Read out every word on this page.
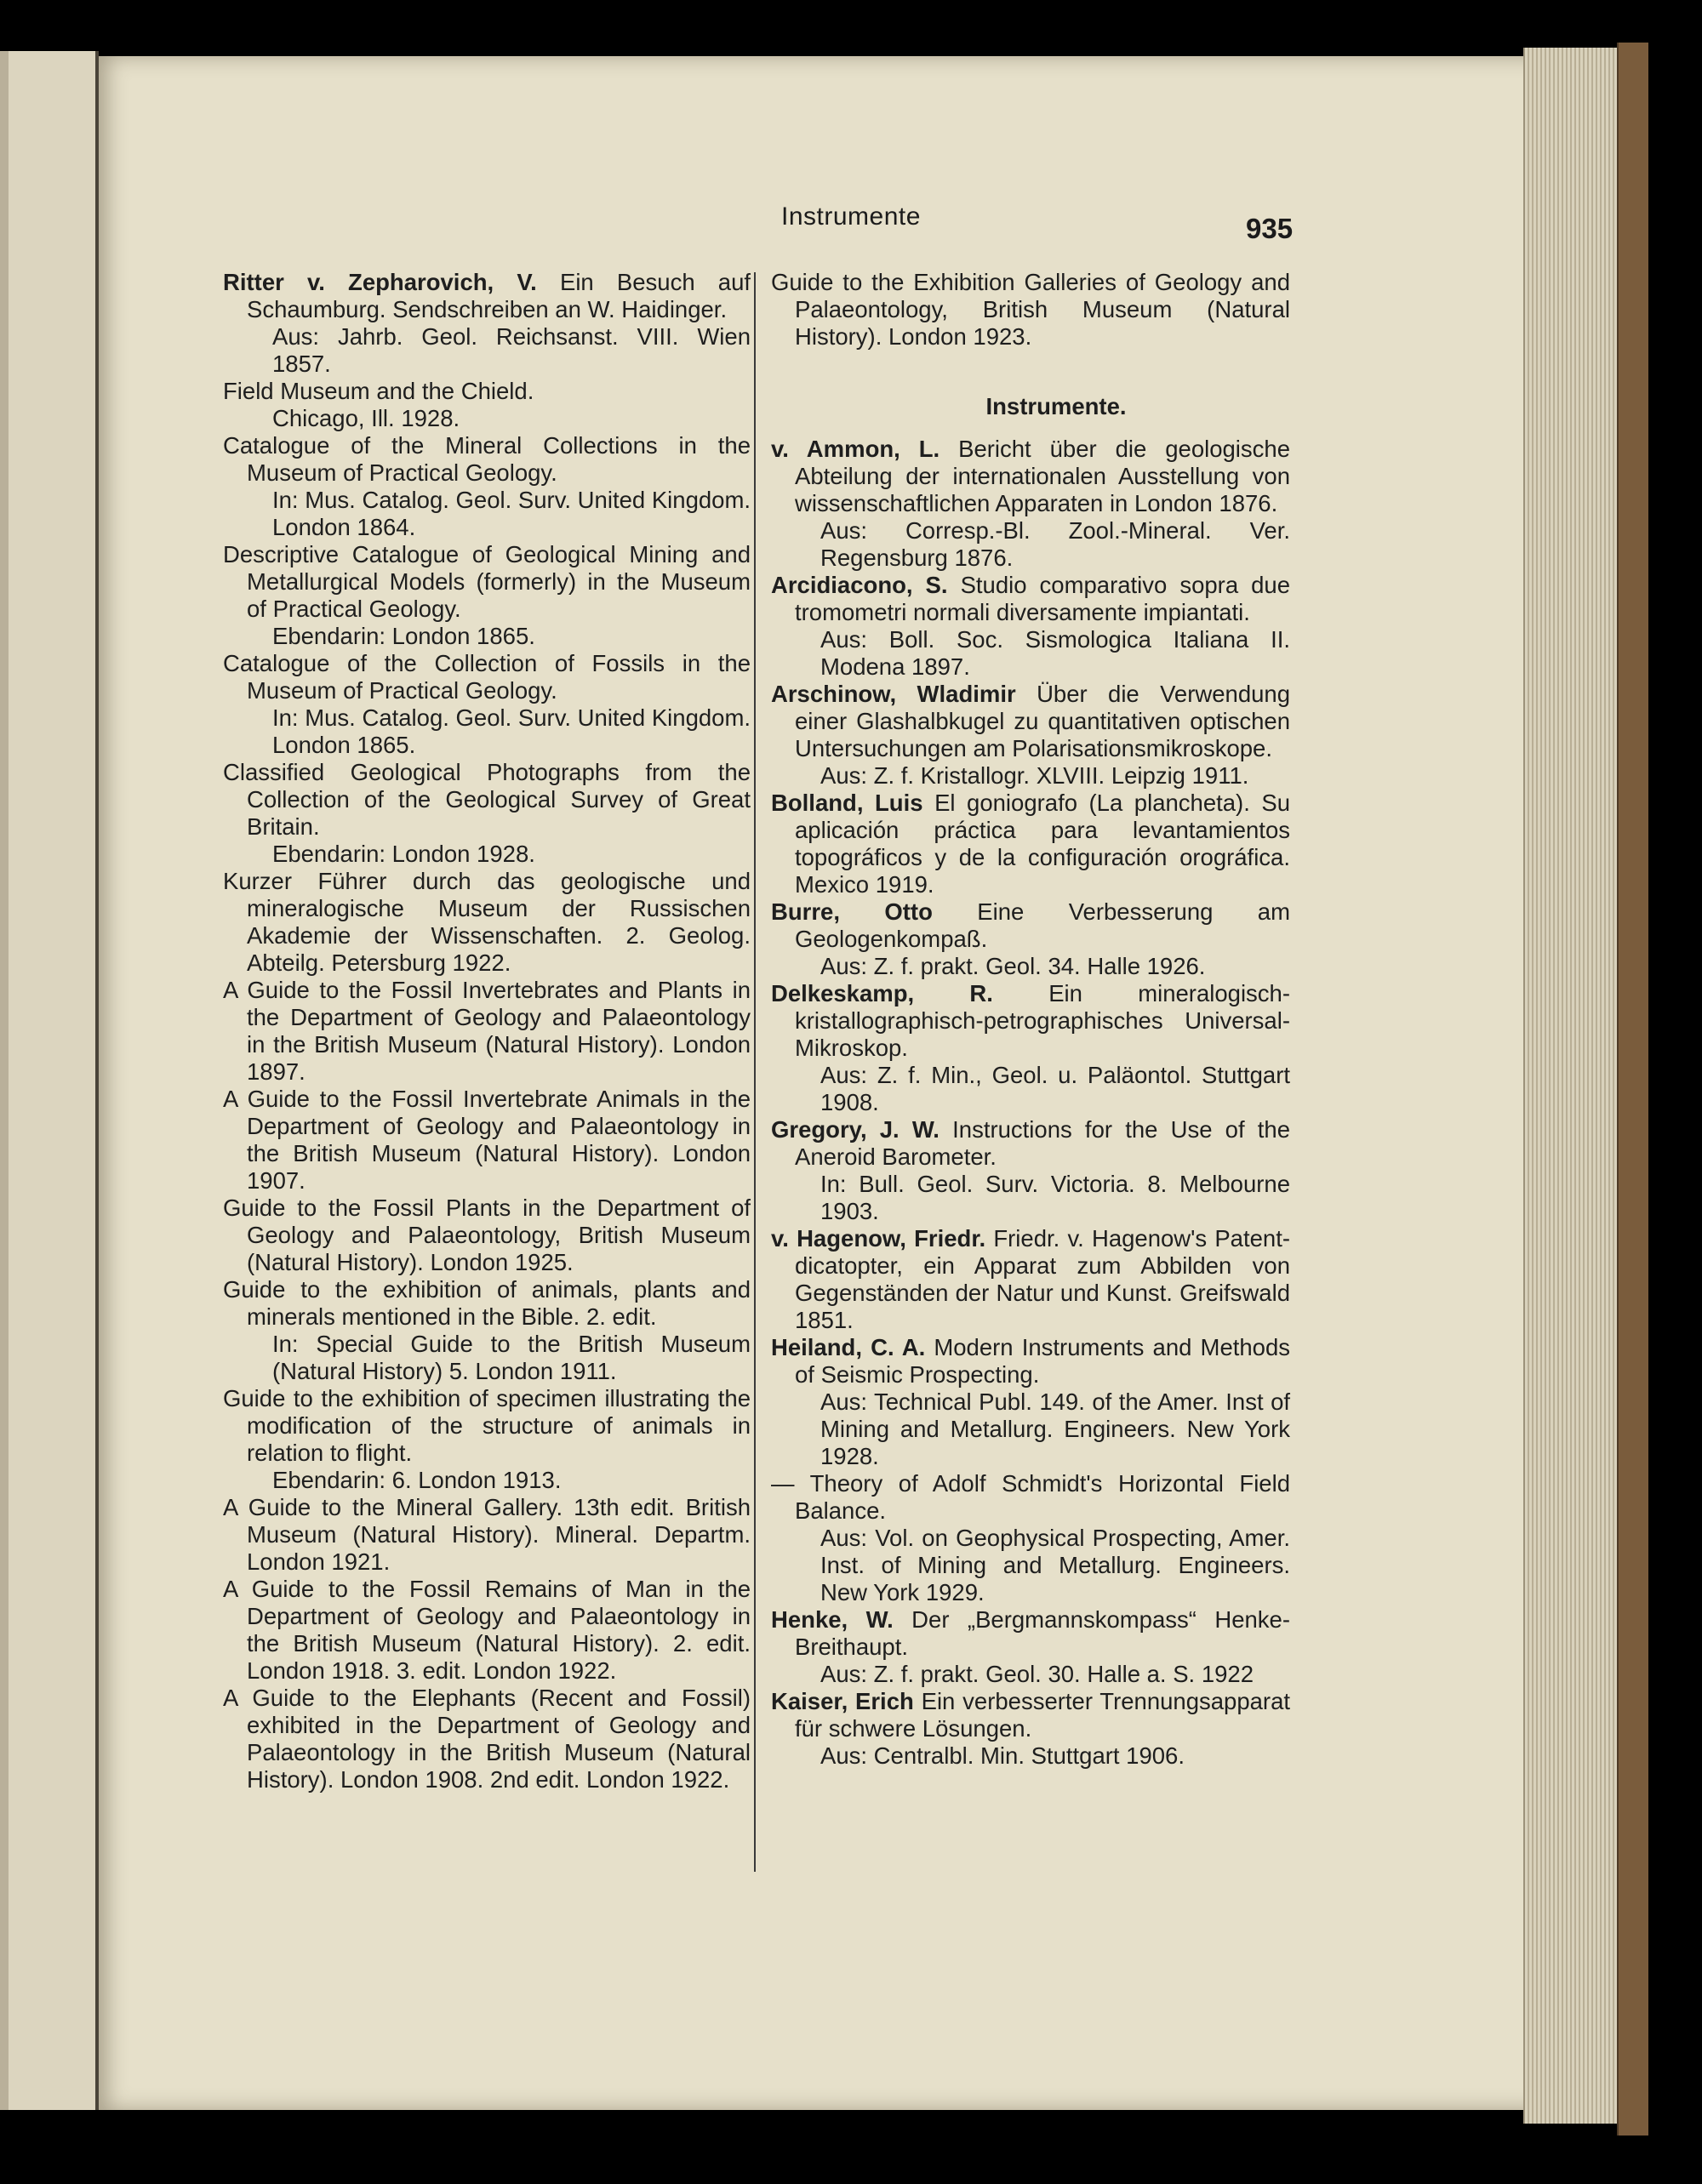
Instrumente	935
Ritter v. Zepharovich, V. Ein Besuch auf Schaumburg. Sendschreiben an W. Haidinger.
Aus: Jahrb. Geol. Reichsanst. VIII. Wien 1857.
Field Museum and the Chield.
Chicago, Ill. 1928.
Catalogue of the Mineral Collections in the Museum of Practical Geology.
In: Mus. Catalog. Geol. Surv. United Kingdom. London 1864.
Descriptive Catalogue of Geological Mining and Metallurgical Models (formerly) in the Museum of Practical Geology.
Ebendarin: London 1865.
Catalogue of the Collection of Fossils in the Museum of Practical Geology.
In: Mus. Catalog. Geol. Surv. United Kingdom. London 1865.
Classified Geological Photographs from the Collection of the Geological Survey of Great Britain.
Ebendarin: London 1928.
Kurzer Führer durch das geologische und mineralogische Museum der Russischen Akademie der Wissenschaften. 2. Geolog. Abteilg. Petersburg 1922.
A Guide to the Fossil Invertebrates and Plants in the Department of Geology and Palaeontology in the British Museum (Natural History). London 1897.
A Guide to the Fossil Invertebrate Animals in the Department of Geology and Palaeontology in the British Museum (Natural History). London 1907.
Guide to the Fossil Plants in the Department of Geology and Palaeontology, British Museum (Natural History). London 1925.
Guide to the exhibition of animals, plants and minerals mentioned in the Bible. 2. edit.
In: Special Guide to the British Museum (Natural History) 5. London 1911.
Guide to the exhibition of specimen illustrating the modification of the structure of animals in relation to flight.
Ebendarin: 6. London 1913.
A Guide to the Mineral Gallery. 13th edit. British Museum (Natural History). Mineral. Departm. London 1921.
A Guide to the Fossil Remains of Man in the Department of Geology and Palaeontology in the British Museum (Natural History). 2. edit. London 1918. 3. edit. London 1922.
A Guide to the Elephants (Recent and Fossil) exhibited in the Department of Geology and Palaeontology in the British Museum (Natural History). London 1908. 2nd edit. London 1922.
Guide to the Exhibition Galleries of Geology and Palaeontology, British Museum (Natural History). London 1923.
Instrumente.
v. Ammon, L. Bericht über die geologische Abteilung der internationalen Ausstellung von wissenschaftlichen Apparaten in London 1876.
Aus: Corresp.-Bl. Zool.-Mineral. Ver. Regensburg 1876.
Arcidiacono, S. Studio comparativo sopra due tromometri normali diversamente impiantati.
Aus: Boll. Soc. Sismologica Italiana II. Modena 1897.
Arschinow, Wladimir Über die Verwendung einer Glashalbkugel zu quantitativen optischen Untersuchungen am Polarisationsmikroskope.
Aus: Z. f. Kristallogr. XLVIII. Leipzig 1911.
Bolland, Luis El goniografo (La plancheta). Su aplicación práctica para levantamientos topográficos y de la configuración orográfica. Mexico 1919.
Burre, Otto Eine Verbesserung am Geologenkompaß.
Aus: Z. f. prakt. Geol. 34. Halle 1926.
Delkeskamp, R. Ein mineralogisch-kristallographisch-petrographisches Universal-Mikroskop.
Aus: Z. f. Min., Geol. u. Paläontol. Stuttgart 1908.
Gregory, J. W. Instructions for the Use of the Aneroid Barometer.
In: Bull. Geol. Surv. Victoria. 8. Melbourne 1903.
v. Hagenow, Friedr. Friedr. v. Hagenow's Patent-dicatopter, ein Apparat zum Abbilden von Gegenständen der Natur und Kunst. Greifswald 1851.
Heiland, C. A. Modern Instruments and Methods of Seismic Prospecting.
Aus: Technical Publ. 149. of the Amer. Inst of Mining and Metallurg. Engineers. New York 1928.
— Theory of Adolf Schmidt's Horizontal Field Balance.
Aus: Vol. on Geophysical Prospecting, Amer. Inst. of Mining and Metallurg. Engineers. New York 1929.
Henke, W. Der „Bergmannskompass“ Henke-Breithaupt.
Aus: Z. f. prakt. Geol. 30. Halle a. S. 1922
Kaiser, Erich Ein verbesserter Trennungsapparat für schwere Lösungen.
Aus: Centralbl. Min. Stuttgart 1906.
